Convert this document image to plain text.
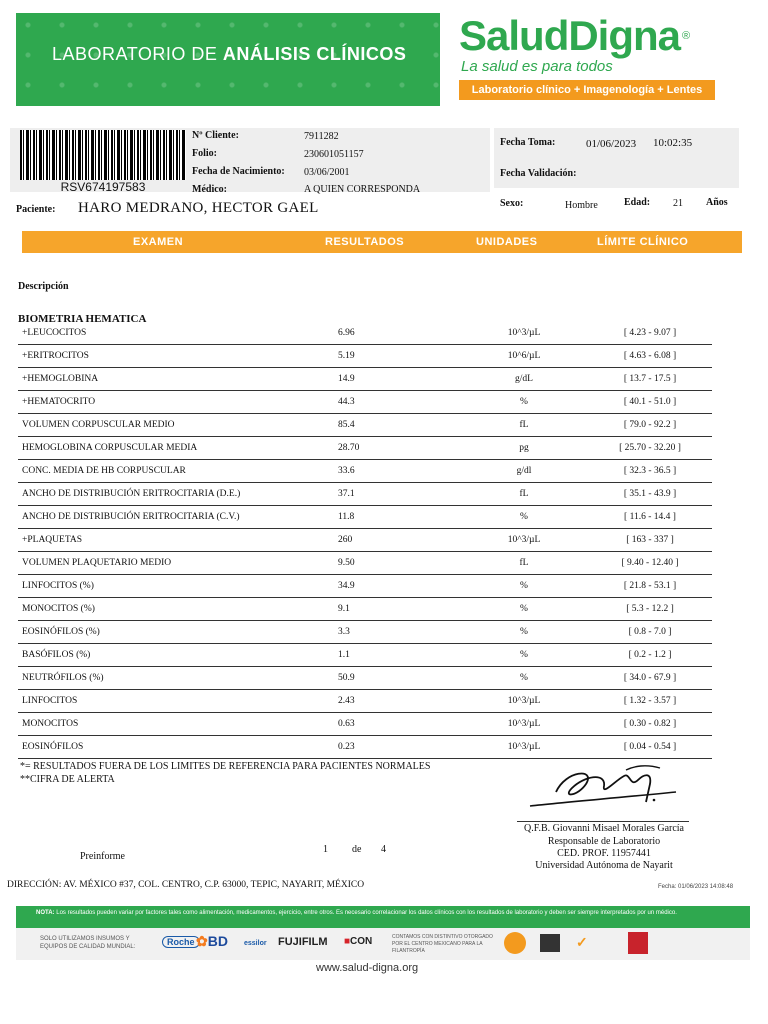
LABORATORIO DE ANÁLISIS CLÍNICOS SaludDigna ®
La salud es para todos
Laboratorio clínico + Imagenología + Lentes
RSV674197583
Nº Cliente:	7911282
Folio:	230601051157
Fecha de Nacimiento: 03/06/2001
Médico:	A QUIEN CORRESPONDA
Paciente: HARO MEDRANO, HECTOR GAEL
Fecha Toma:	01/06/2023 10:02:35
Fecha Validación:
Sexo:	Hombre	Edad: 21 Años
EXAMEN	RESULTADOS	UNIDADES	LÍMITE CLÍNICO
Descripción
BIOMETRIA HEMATICA
+LEUCOCITOS	6.96	10^3/µL	[ 4.23 - 9.07 ]
+ERITROCITOS	5.19	10^6/µL	[ 4.63 - 6.08 ]
+HEMOGLOBINA	14.9	g/dL	[ 13.7 - 17.5 ]
+HEMATOCRITO	44.3	%	[ 40.1 - 51.0 ]
VOLUMEN CORPUSCULAR MEDIO	85.4	fL	[ 79.0 - 92.2 ]
HEMOGLOBINA CORPUSCULAR MEDIA	28.70	pg	[ 25.70 - 32.20 ]
CONC. MEDIA DE HB CORPUSCULAR	33.6	g/dl	[ 32.3 - 36.5 ]
ANCHO DE DISTRIBUCIÓN ERITROCITARIA (D.E.)	37.1	fL	[ 35.1 - 43.9 ]
ANCHO DE DISTRIBUCIÓN ERITROCITARIA (C.V.)	11.8	%	[ 11.6 - 14.4 ]
+PLAQUETAS	260	10^3/µL	[ 163 - 337 ]
VOLUMEN PLAQUETARIO MEDIO	9.50	fL	[ 9.40 - 12.40 ]
LINFOCITOS (%)	34.9	%	[ 21.8 - 53.1 ]
MONOCITOS (%)	9.1	%	[ 5.3 - 12.2 ]
EOSINÓFILOS (%)	3.3	%	[ 0.8 - 7.0 ]
BASÓFILOS (%)	1.1	%	[ 0.2 - 1.2 ]
NEUTRÓFILOS (%)	50.9	%	[ 34.0 - 67.9 ]
LINFOCITOS	2.43	10^3/µL	[ 1.32 - 3.57 ]
MONOCITOS	0.63	10^3/µL	[ 0.30 - 0.82 ]
EOSINÓFILOS	0.23	10^3/µL	[ 0.04 - 0.54 ]
*= RESULTADOS FUERA DE LOS LIMITES DE REFERENCIA PARA PACIENTES NORMALES
**CIFRA DE ALERTA
Q.F.B. Giovanni Misael Morales García
Responsable de Laboratorio
CED. PROF. 11957441
Universidad Autónoma de Nayarit
Preinforme
1 de 4
DIRECCIÓN: AV. MÉXICO #37, COL. CENTRO, C.P. 63000, TEPIC, NAYARIT, MÉXICO	Fecha: 01/06/2023 14:08:48
NOTA: Los resultados pueden variar por factores tales como alimentación, medicamentos, ejercicio, entre otros. Es necesario correlacionar los datos clínicos con los resultados de laboratorio y deben ser siempre interpretados por un médico.
SOLO UTILIZAMOS INSUMOS Y EQUIPOS DE CALIDAD MUNDIAL:	Roche ✿BD essilor FUJIFILM ■CON	CONTAMOS CON DISTINTIVO OTORGADO POR EL CENTRO MEXICANO PARA LA FILANTROPÍA
✓
www.salud-digna.org
